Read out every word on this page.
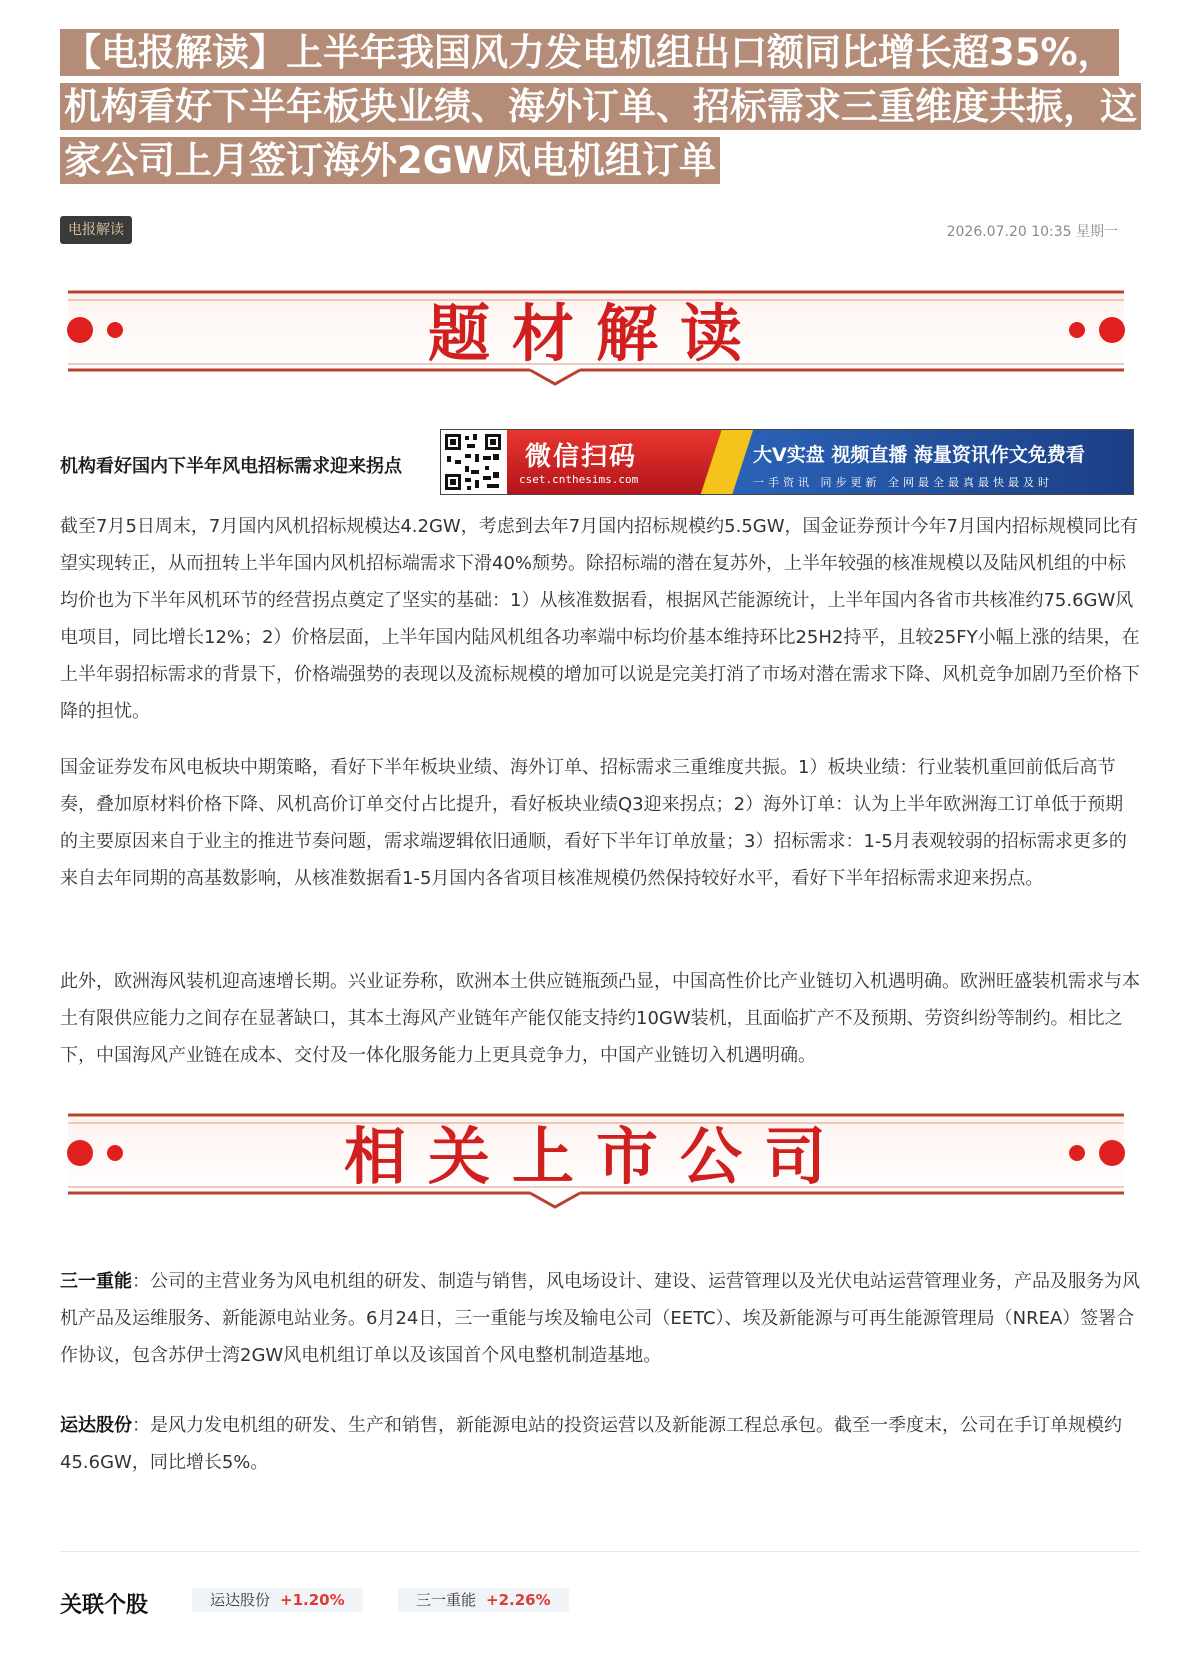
【电报解读】上半年我国风力发电机组出口额同比增长超35%，机构看好下半年板块业绩、海外订单、招标需求三重维度共振，这家公司上月签订海外2GW风电机组订单
电报解读	2026.07.20 10:35 星期一
题材解读
机构看好国内下半年风电招标需求迎来拐点	微信扫码
cset.cnthesims.com
大V实盘 视频直播 海量资讯作文免费看
一手资讯 同步更新 全网最全最真最快最及时

截至7月5日周末，7月国内风机招标规模达4.2GW，考虑到去年7月国内招标规模约5.5GW，国金证券预计今年7月国内招标规模同比有望实现转正，从而扭转上半年国内风机招标端需求下滑40%颓势。除招标端的潜在复苏外，上半年较强的核准规模以及陆风机组的中标均价也为下半年风机环节的经营拐点奠定了坚实的基础：1）从核准数据看，根据风芒能源统计，上半年国内各省市共核准约75.6GW风电项目，同比增长12%；2）价格层面，上半年国内陆风机组各功率端中标均价基本维持环比25H2持平，且较25FY小幅上涨的结果，在上半年弱招标需求的背景下，价格端强势的表现以及流标规模的增加可以说是完美打消了市场对潜在需求下降、风机竞争加剧乃至价格下降的担忧。

国金证券发布风电板块中期策略，看好下半年板块业绩、海外订单、招标需求三重维度共振。1）板块业绩：行业装机重回前低后高节奏，叠加原材料价格下降、风机高价订单交付占比提升，看好板块业绩Q3迎来拐点；2）海外订单：认为上半年欧洲海工订单低于预期的主要原因来自于业主的推进节奏问题，需求端逻辑依旧通顺，看好下半年订单放量；3）招标需求：1-5月表观较弱的招标需求更多的来自去年同期的高基数影响，从核准数据看1-5月国内各省项目核准规模仍然保持较好水平，看好下半年招标需求迎来拐点。

此外，欧洲海风装机迎高速增长期。兴业证券称，欧洲本土供应链瓶颈凸显，中国高性价比产业链切入机遇明确。欧洲旺盛装机需求与本土有限供应能力之间存在显著缺口，其本土海风产业链年产能仅能支持约10GW装机，且面临扩产不及预期、劳资纠纷等制约。相比之下，中国海风产业链在成本、交付及一体化服务能力上更具竞争力，中国产业链切入机遇明确。

相关上市公司

三一重能：公司的主营业务为风电机组的研发、制造与销售，风电场设计、建设、运营管理以及光伏电站运营管理业务，产品及服务为风机产品及运维服务、新能源电站业务。6月24日，三一重能与埃及输电公司（EETC）、埃及新能源与可再生能源管理局（NREA）签署合作协议，包含苏伊士湾2GW风电机组订单以及该国首个风电整机制造基地。

运达股份：是风力发电机组的研发、生产和销售，新能源电站的投资运营以及新能源工程总承包。截至一季度末，公司在手订单规模约45.6GW，同比增长5%。

关联个股	运达股份 +1.20%	三一重能 +2.26%
